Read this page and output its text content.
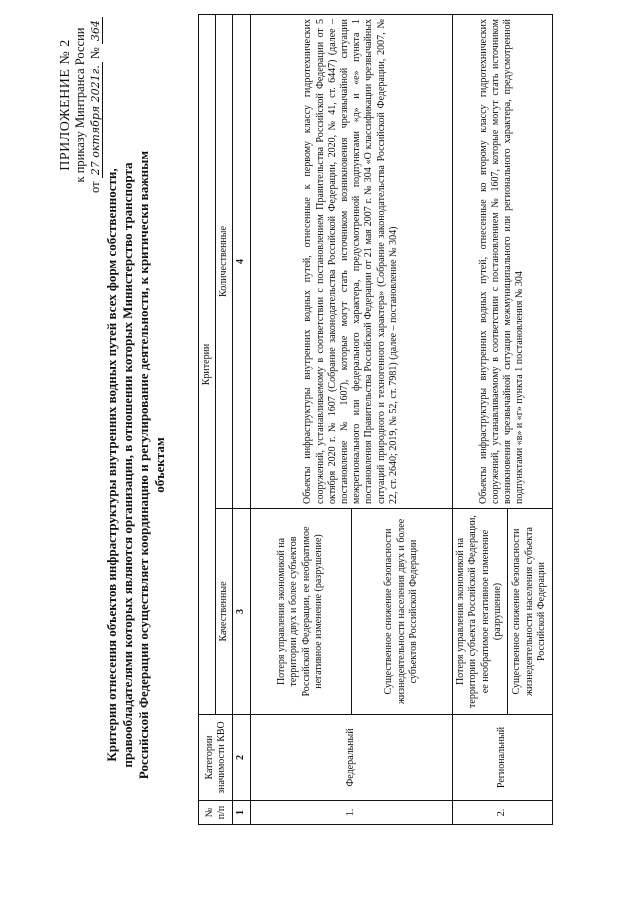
ПРИЛОЖЕНИЕ № 2 к приказу Минтранса России
от 27 октября 2021г. № 364
Критерии отнесения объектов инфраструктуры внутренних водных путей всех форм собственности, правообладателями которых являются организации, в отношении которых Министерство транспорта Российской Федерации осуществляет координацию и регулирование деятельности, к критически важным объектам
№ п/п	Категории значимости КВО	Критерии	
		Качественные	Количественные
1	2	3	4
1.	Федеральный	Потеря управления экономикой на территории двух и более субъектов Российской Федерации, ее необратимое негативное изменение (разрушение)	Объекты инфраструктуры внутренних водных путей, отнесенные к первому классу гидротехнических сооружений, устанавливаемому в соответствии с постановлением Правительства Российской Федерации от 5 октября 2020 г. № 1607 (Собрание законодательства Российской Федерации, 2020, № 41, ст. 6447) (далее – постановление № 1607), которые могут стать источником возникновения чрезвычайной ситуации межрегионального или федерального характера, предусмотренной подпунктами «д» и «е» пункта 1 постановления Правительства Российской Федерации от 21 мая 2007 г. № 304 «О классификации чрезвычайных ситуаций природного и техногенного характера» (Собрание законодательства Российской Федерации, 2007, № 22, ст. 2640; 2019, № 52, ст. 7981) (далее – постановление № 304)
		Существенное снижение безопасности жизнедеятельности населения двух и более субъектов Российской Федерации	
2.	Региональный	Потеря управления экономикой на территории субъекта Российской Федерации, ее необратимое негативное изменение (разрушение)	Объекты инфраструктуры внутренних водных путей, отнесенные ко второму классу гидротехнических сооружений, устанавливаемому в соответствии с постановлением № 1607, которые могут стать источником возникновения чрезвычайной ситуации межмуниципального или регионального характера, предусмотренной подпунктами «в» и «г» пункта 1 постановления № 304
		Существенное снижение безопасности жизнедеятельности населения субъекта Российской Федерации	
